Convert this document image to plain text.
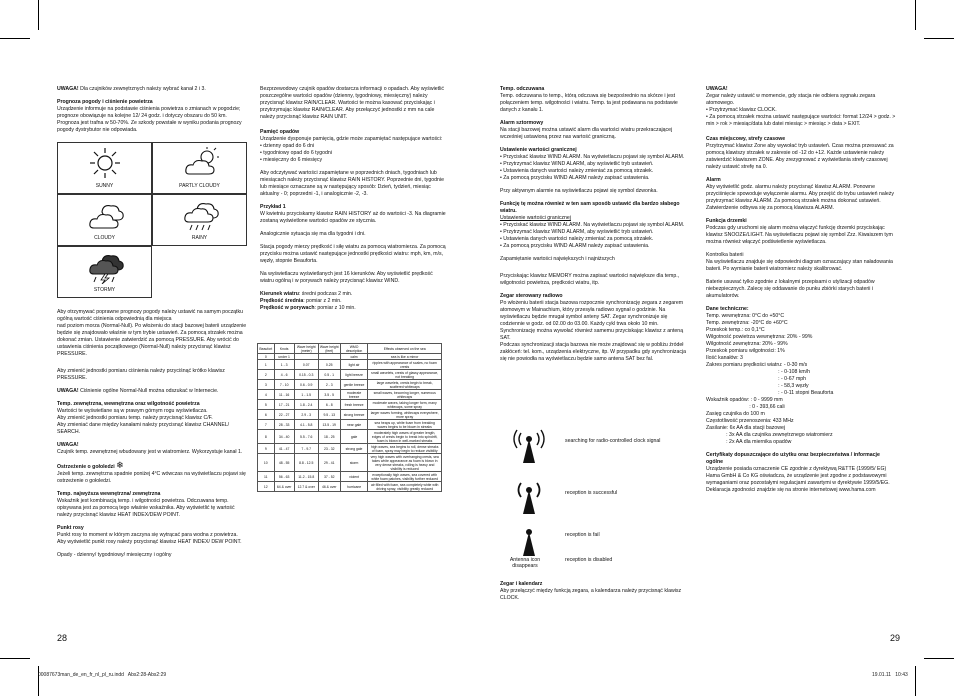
UWAGA! Dla czujników zewnętrznych należy wybrać kanał 2 i 3.

Prognoza pogody i ciśnienie powietrza

Urządzenie informuje na podstawie ciśnienia powietrza o zmianach w pogodzie; prognoze obowiązuje na kolejne 12/ 24 godz. i dotyczy obszaru do 50 km. Prognoza jest trafna w 50-70%. Ze szkody powstałe w wyniku podania prognozy pogody dystrybutor nie odpowiada.

SUNNY	PARTLY CLOUDY
CLOUDY	RAINY
STORMY

Aby otrzymywać poprawne prognozy pogody należy ustawić na samym początku ogólną wartość ciśnienia odpowiednią dla miejsca
nad poziom morza (Normal-Null). Po włożeniu do stacji bazowej baterii urządzenie będzie się znajdowało właśnie w tym trybie ustawień. Za pomocą strzałek można dokonać zmian. Ustawienie zatwierdzić za pomocą PRESSURE. Aby wrócić do ustawienia ciśnienia początkowego (Normal-Null) należy przycisnąć klawisz PRESSURE.

Aby zmienić jednostki pomiaru ciśnienia należy przyciśnąć krótko klawisz PRESSURE.

UWAGA! Ciśnienie ogólne Normal-Null można odszukać w Internecie.

Temp. zewnętrzna, wewnętrzna oraz wilgotność powietrza

Wartości te wyświetlane są w prawym górnym rogu wyświetlacza.
Aby zmienić jednostki pomiaru temp. należy przycisnąć klawisz C/F.
Aby zmieniać dane między kanałami należy przycisnąć klawisz CHANNEL/ SEARCH.

UWAGA!

Czujnik temp. zewnętrznej wbudowany jest w wiatromierz. Wykorzystuje kanał 1.

Ostrzeżenie o gołoledzi ❄

Jeżeli temp. zewnętrzna spadnie poniżej 4°C wówczas na wyświetlaczu pojawi się ostrzeżenie o gołoledzi.

Temp. najwyższa wewnętrzna/ zewnętrzna

Wskaźnik jest kombinacją temp. i wilgotności powietrza. Odczuwana temp. opisywana jest za pomocą tego właśnie wskaźnika. Aby wyświetlić tę wartość należy przycisnąć klawisz HEAT INDEX/DEW POINT.

Punkt rosy

Punkt rosy to moment w którym zaczyna się wytrącać para wodna z powietrza. Aby wyświetlić punkt rosy należy przycisnąć klawisz HEAT INDEX/ DEW POINT.

Opady - dzienny/ tygodniowy/ miesięczny i ogólny

Bezprzewodowy czujnik opadów dostarcza informacji o opadach. Aby wyświetlić poszczególne wartości opadów (dzienny, tygodniowy, miesięczny) należy przycisnąć klawisz RAIN/CLEAR. Wartości te można kasować przyciskając i przytrzymując klawisz RAIN/CLEAR. Aby przełączyć jednostki z mm na cale należy przycisnąć klawisz RAIN UNIT.

Pamięć opadów

Urządzenie dysponuje pamięcią, gdzie może zapamiętać następujące wartości:
• dzienny opad do 6 dni
• tygodniowy opad do 6 tygodni
• miesięczny do 6 miesięcy

Aby odczytywać wartości zapamiętane w poprzednich dniach, tygodniach lub miesiącach należy przycisnąć klawisz RAIN HISTORY. Poprzednie dni, tygodnie lub miesiące oznaczane są w następujący sposób: Dzień, tydzień, miesiąc aktualny - 0; poprzedni -1, i analogicznie -2, -3.

Przykład 1

W kwietniu przyciskamy klawisz RAIN HISTORY aż do wartości -3. Na diagramie zostaną wyświetlone wartości opadów ze stycznia.

Analogicznie sytuacja się ma dla tygodni i dni.

Stacja pogody mierzy prędkość i siłę wiatru za pomocą wiatromierza. Za pomocą przycisku można ustawić następujące jednostki prędkości wiatru: mph, km, m/s, węzły, stopnie Beauforta.

Na wyświetlaczu wyświetlanych jest 16 kierunków. Aby wyświetlić prędkość wiatru ogólną i w porywach należy przycisnąć klawisz WIND.

Kierunek wiatru: średni podczas 2 min.
Prędkość średnia: pomiar z 2 min.
Prędkość w porywach: pomiar z 10 min.
Beaufort	Knots	Wave height (meter)	Wave height (feet)	WMO description	Effects observed on the sea
0	under 1			calm	sea is like a mirror
1	1 - 3	0.07	0.25	light air	ripples with appearance of scales, no foam crests
2	4 - 6	0.15 - 0.3	0.5 - 1	light breeze	small wavelets, crests of glassy appearance, not breaking
3	7 - 10	0.6 - 0.9	2 - 3	gentle breeze	large wavelets, crests begin to break, scattered whitecaps
4	11 - 16	1 - 1.5	3.5 - 5	moderate breeze	small waves, becoming longer, numerous whitecaps
5	17 - 21	1.8 - 2.4	6 - 8	fresh breeze	moderate waves, taking longer form, many whitecaps, some spray
6	22 - 27	2.9 - 3	9.5 - 13	strong breeze	larger waves forming, whitecaps everywhere, more spray
7	28 - 33	4.1 - 5.8	13.5 - 19	near gale	sea heaps up, white foam from breaking waves begins to be blown in streaks
8	34 - 40	5.5 - 7.6	18 - 25	gale	moderately high waves of greater length, edges of crests begin to break into spindrift, foam is blown in well-marked streaks
9	41 - 47	7 - 9.7	23 - 32	strong gale	high waves, sea begins to roll, dense streaks of foam, spray may begin to reduce visibility
10	48 - 55	8.8 - 12.5	29 - 41	storm	very high waves with overhanging crests, sea takes white appearance as foam is blown in very dense streaks, rolling is heavy and visibility is reduced
11	56 - 63	11.2 - 15.8	37 - 52	violent	exceptionally high waves, sea covered with white foam patches, visibility further reduced
12	64 & over	12.7 & over	46 & over	hurricane	air filled with foam, sea completely white with driving spray, visibility greatly reduced
28
Temp. odczuwana

Temp. odczuwana to temp., którą odczuwa się bezpośrednio na skórze i jest połączeniem temp. wilgotności i wiatru. Temp. ta jest podawana na podstawie danych z kanału 1.

Alarm sztormowy

Na stacji bazowej można ustawić alarm dla wartości wiatru przekraczającej wcześniej ustawioną przez nas wartość graniczną.

Ustawienie wartości granicznej

• Przyciskać klawisz WIND ALARM. Na wyświetlaczu pojawi się symbol ALARM.
• Przytrzymać klawisz WIND ALARM, aby wyświetlić tryb ustawień.
• Ustawienia danych wartości należy zmieniać za pomocą strzałek.
• Za pomocą przycisku WIND ALARM należy zapisać ustawienia.

Przy aktywnym alarmie na wyświetlaczu pojawi się symbol dzwonka.

Funkcję tę można również w ten sam sposób ustawić dla bardzo słabego wiatru.
Ustawienie wartości granicznej

• Przyciskać klawisz WIND ALARM. Na wyświetlaczu pojawi się symbol ALARM.
• Przytrzymać klawisz WIND ALARM, aby wyświetlić tryb ustawień.
• Ustawienia danych wartości należy zmieniać za pomocą strzałek.
• Za pomocą przycisku WIND ALARM należy zapisać ustawienia.

Zapamiętanie wartości największych i najniższych

Przyciskając klawisz MEMORY można zapisać wartości największe dla temp., wilgotności powietrza, prędkości wiatru, itp.

Zegar sterowany radiowo

Po włożeniu baterii stacja bazowa rozpocznie synchronizację zegara z zegarem atomowym w Mainachium, który przesyła radiowo sygnał o godzinie. Na wyświetlaczu będzie mrugał symbol anteny SAT. Zegar synchronizuje się codziennie w godz. od 02.00 do 03.00. Każdy cykl trwa około 10 min. Synchronizację można wywołać również samemu przyciskając klawisz z anteną SAT.
Podczas synchronizacji stacja bazowa nie może znajdować się w pobliżu źródeł zakłóceń: tel. kom., urządzenia elektryczne, itp. W przypadku gdy synchronizacja się nie powiodła na wyświetlaczu będzie samo antena SAT bez fal.

searching for radio-controlled clock signal
reception is successful
reception is fail
Antenna icon disappears
reception is disabled
Zegar i kalendarz

Aby przełączyć między funkcją zegara, a kalendarza należy przycisnąć klawisz CLOCK.

UWAGA!

Zegar należy ustawić w momencie, gdy stacja nie odbiera sygnału zegara atomowego.
• Przytrzymać klawisz CLOCK.
• Za pomocą strzałek można ustawić następujące wartości: format 12/24 > godz. > min > rok > miesiąc/data lub datei miesiąc > miesiąc > data > EXIT.

Czas miejscowy, strefy czasowe

Przytrzymać klawisz Zone aby wywołać tryb ustawień. Czas można przesuwać za pomocą klawiszy strzałek w zakresie od -12 do +12. Każde ustawienie należy zatwierdzić klawiszem ZONE. Aby zrezygnować z wyświetlania strefy czasowej należy ustawić strefę na 0.

Alarm

Aby wyświetlić godz. alarmu należy przycisnąć klawisz ALARM. Ponowne przyciśnięcie spowoduje wyłączenie alarmu. Aby przejść do trybu ustawień należy przytrzymać klawisz ALARM. Za pomocą strzałek można dokonać ustawień. Zatwierdzenie odbywa się za pomocą klawisza ALARM.

Funkcja drzemki

Podczas gdy uruchomi się alarm można włączyć funkcję drzemki przyciskając klawisz SNOOZE/LIGHT. Na wyświetlaczu pojawi się symbol Zzz. Kiwaiszem tym można również włączyć podświetlenie wyświetlacza.

Kontrolka baterii
Na wyświetlaczu znajduje się odpowiedni diagram oznaczający stan naładowania baterii. Po wymianie baterii wiatromierz należy skalibrować.

Baterie usuwać tylko zgodnie z lokalnymi przepisami o utylizacji odpadów niebezpiecznych. Zalecę się oddawanie do punku zbiórki starych baterii i akumulatorów.

Dane techniczne:

Temp. wewnętrzna: 0°C do +50°C
Temp. zewnętrzna: -20°C do +60°C
Przeskok temp.: co 0,1°C
Wilgotność powietrza wewnętrzna: 20% - 99%
Wilgotność zewnętrzna: 20% - 99%
Przeskok pomiaru wilgotności: 1%
Ilość kanałów: 3
Zakres pomiaru prędkości wiatru: - 0-30 m/s
: - 0-108 km/h
: - 0-67 mph
: - 58,3 węzły
: - 0-11 stopni Beauforta
Wskaźnik opadów: : 0 - 9999 mm
: 0 - 393,66 cali
Zasięg czujnika do 100 m
Częstotliwość przenoszenia: 433 MHz
Zasilanie: 6x AA dla stacji bazowej
: 3x AA dla czujnika zewnętrznego wiatromierz
: 2x AA dla miernika opadów

Certyfikaty dopuszczające do użytku oraz bezpieczeństwa / informacje ogólne

Urządzenie posiada oznaczenie CE zgodnie z dyrektywą R&TTE (1999/5/ EG) Hama GmbH & Co KG oświadcza, że urządzenie jest zgodne z podstawowymi wymaganiami oraz pozostałymi regulacjami zawartymi w dyrektywie 1999/5/EG. Deklaracja zgodności znajdzie się na stronie internetowej www.hama.com

29
00087673man_de_en_fr_nl_pl_ru.indd   Abs2:28-Abs2:29	19.01.11   10:43
